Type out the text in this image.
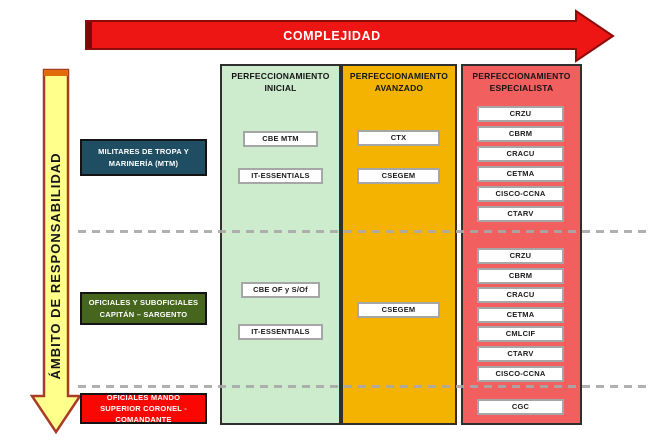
COMPLEJIDAD
ÁMBITO DE RESPONSABILIDAD
PERFECCIONAMIENTO INICIAL
PERFECCIONAMIENTO AVANZADO
PERFECCIONAMIENTO ESPECIALISTA
MILITARES DE TROPA Y MARINERÍA (MTM)
OFICIALES Y SUBOFICIALES CAPITÁN – SARGENTO
OFICIALES MANDO SUPERIOR CORONEL - COMANDANTE
CBE MTM
IT-ESSENTIALS
CTX
CSEGEM
CRZU
CBRM
CRACU
CETMA
CISCO-CCNA
CTARV
CBE OF y S/Of
IT-ESSENTIALS
CSEGEM
CRZU
CBRM
CRACU
CETMA
CMLCIF
CTARV
CISCO-CCNA
CGC
